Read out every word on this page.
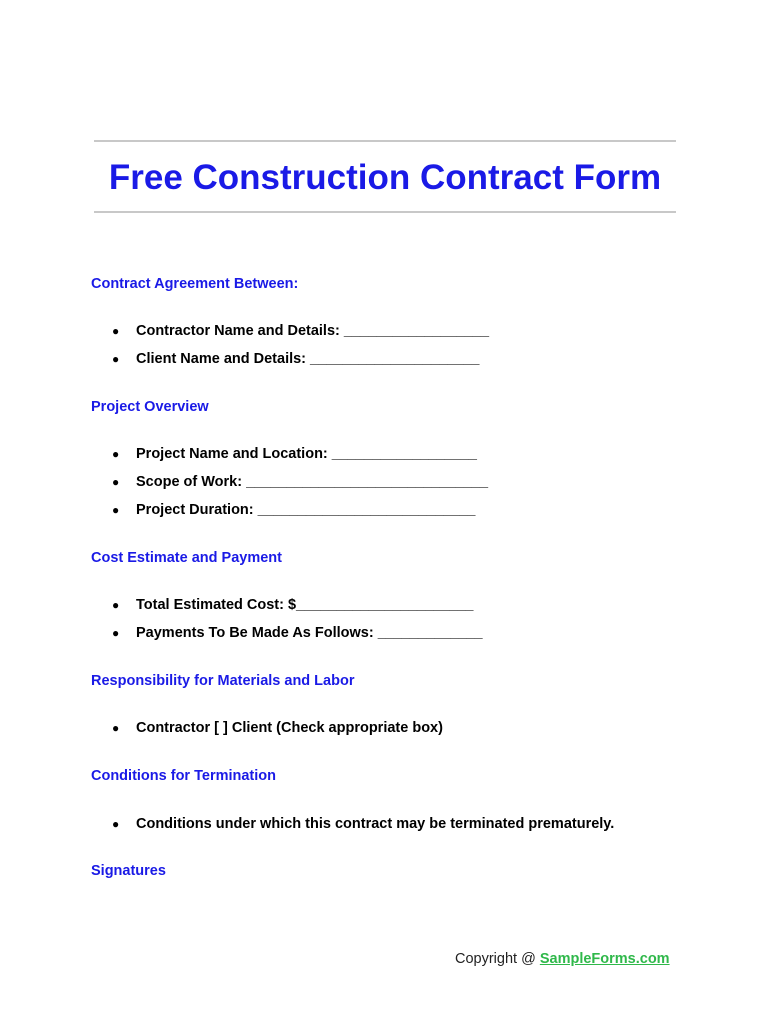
Free Construction Contract Form
Contract Agreement Between:
● Contractor Name and Details: __________________
● Client Name and Details: _____________________
Project Overview
● Project Name and Location: __________________
● Scope of Work: ______________________________
● Project Duration: ___________________________
Cost Estimate and Payment
● Total Estimated Cost: $______________________
● Payments To Be Made As Follows: _____________
Responsibility for Materials and Labor
● Contractor [ ] Client (Check appropriate box)
Conditions for Termination
● Conditions under which this contract may be terminated prematurely.
Signatures
Copyright @ SampleForms.com
